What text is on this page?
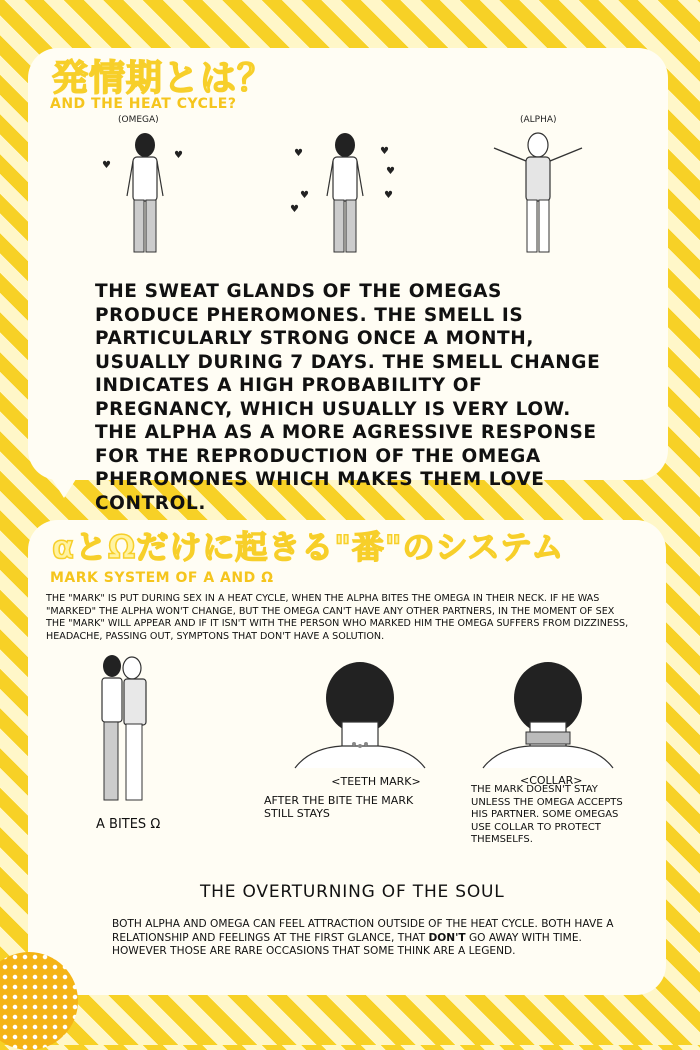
発情期とは？
AND THE HEAT CYCLE?
(OMEGA)	(ALPHA)
♥
♥	♥
♥
♥
♥
♥
♥
THE SWEAT GLANDS OF THE OMEGAS PRODUCE PHEROMONES. THE SMELL IS PARTICULARLY STRONG ONCE A MONTH, USUALLY DURING 7 DAYS. THE SMELL CHANGE INDICATES A HIGH PROBABILITY OF PREGNANCY, WHICH USUALLY IS VERY LOW. THE ALPHA AS A MORE AGRESSIVE RESPONSE FOR THE REPRODUCTION OF THE OMEGA PHEROMONES WHICH MAKES THEM LOVE CONTROL.
αとΩだけに起きる"番"のシステム
MARK SYSTEM OF Α AND Ω
THE "MARK" IS PUT DURING SEX IN A HEAT CYCLE, WHEN THE ALPHA BITES THE OMEGA IN THEIR NECK. IF HE WAS "MARKED" THE ALPHA WON'T CHANGE, BUT THE OMEGA CAN'T HAVE ANY OTHER PARTNERS, IN THE MOMENT OF SEX THE "MARK" WILL APPEAR AND IF IT ISN'T WITH THE PERSON WHO MARKED HIM THE OMEGA SUFFERS FROM DIZZINESS, HEADACHE, PASSING OUT, SYMPTONS THAT DON'T HAVE A SOLUTION.
Α BITES Ω
<TEETH MARK>
AFTER THE BITE THE MARK STILL STAYS
<COLLAR>
THE MARK DOESN'T STAY UNLESS THE OMEGA ACCEPTS HIS PARTNER. SOME OMEGAS USE COLLAR TO PROTECT THEMSELFS.
THE OVERTURNING OF THE SOUL
BOTH ALPHA AND OMEGA CAN FEEL ATTRACTION OUTSIDE OF THE HEAT CYCLE. BOTH HAVE A RELATIONSHIP AND FEELINGS AT THE FIRST GLANCE, THAT DON'T GO AWAY WITH TIME. HOWEVER THOSE ARE RARE OCCASIONS THAT SOME THINK ARE A LEGEND.
